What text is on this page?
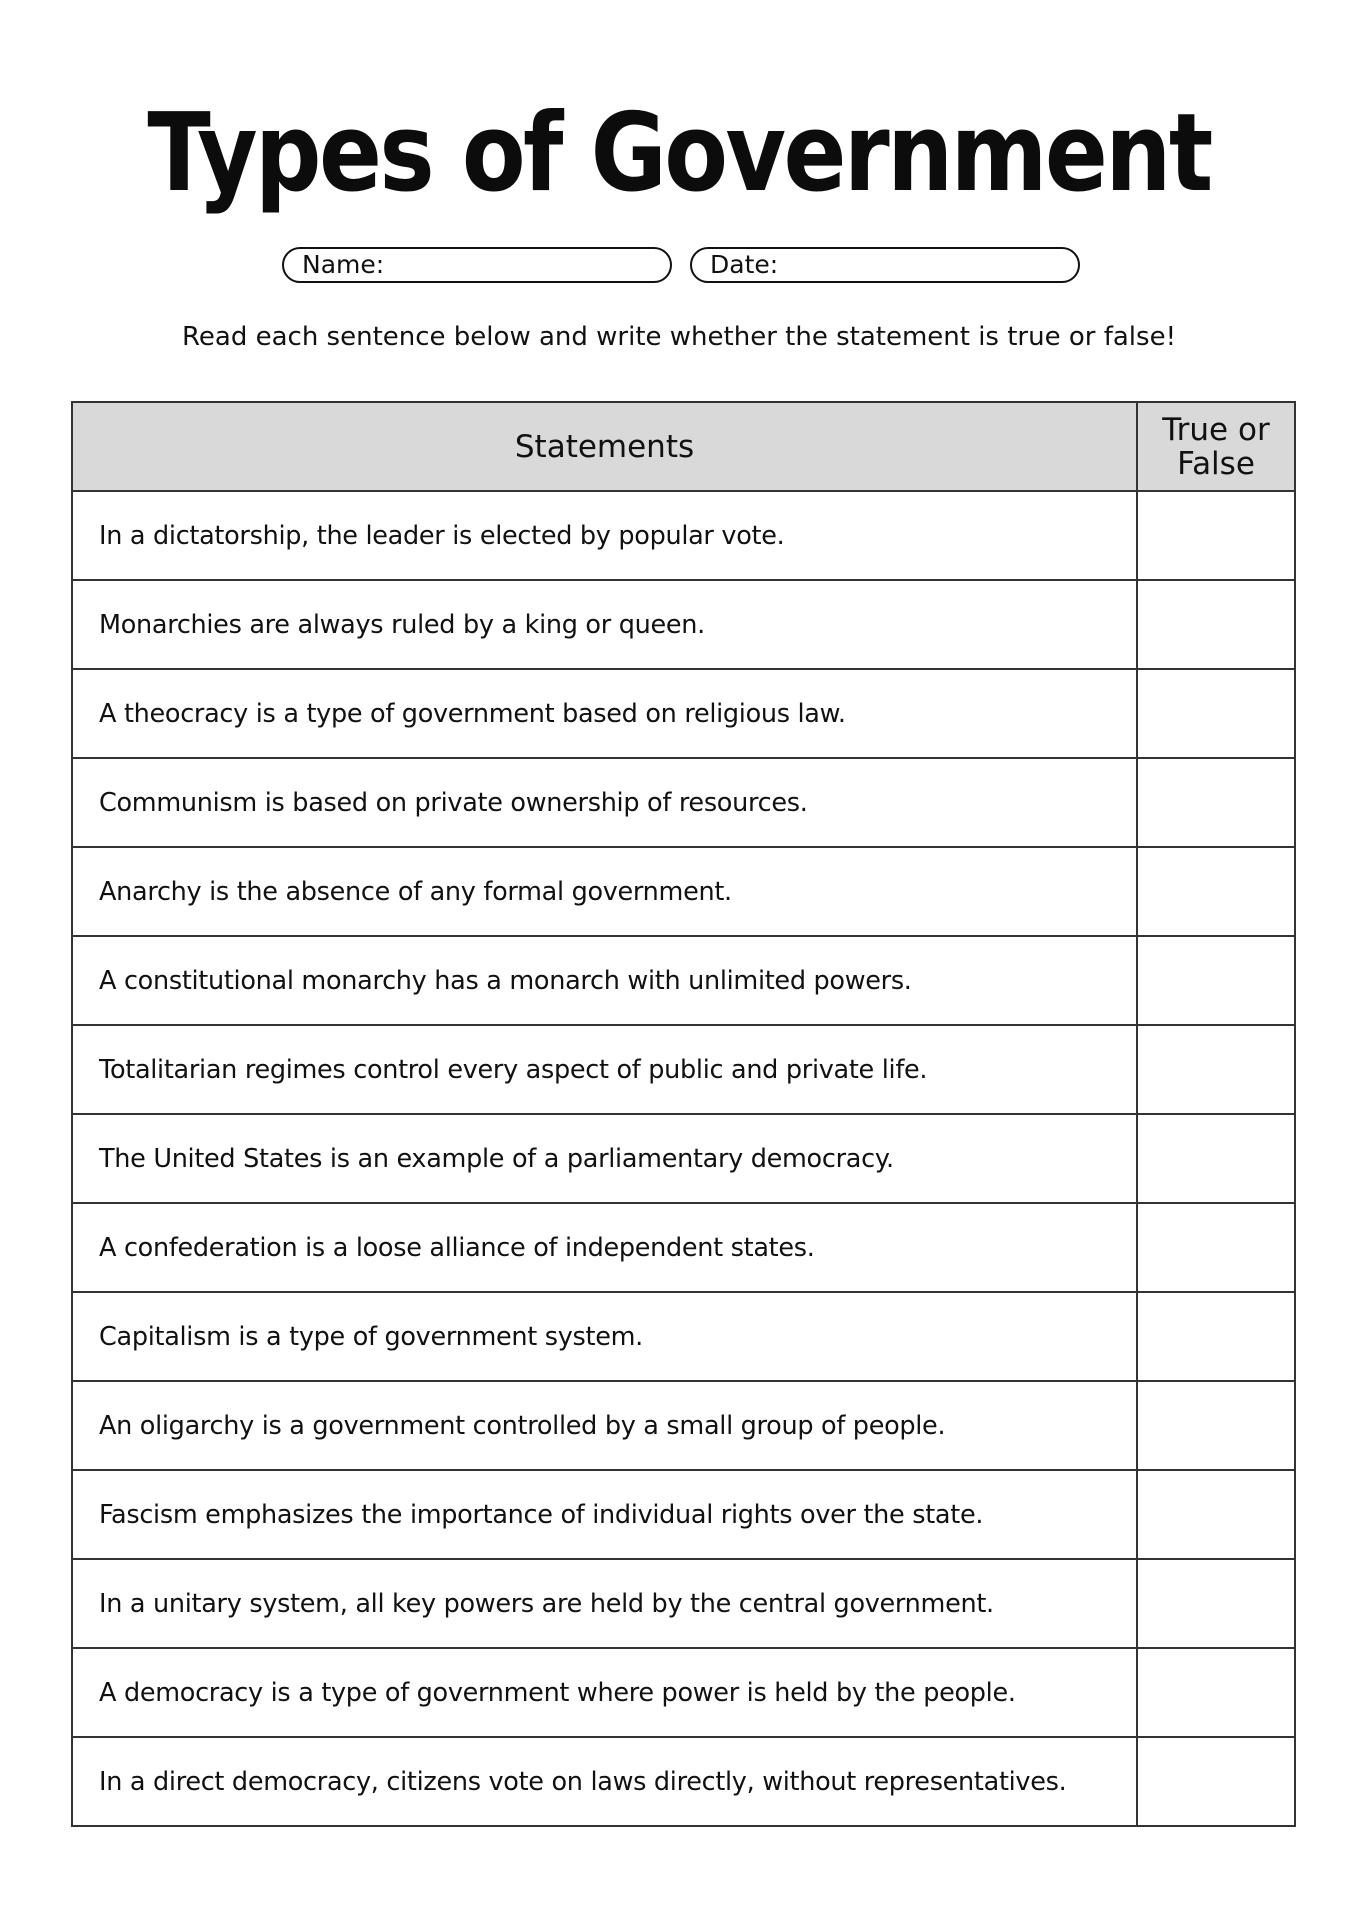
Types of Government
Name:	Date:
Read each sentence below and write whether the statement is true or false!
Statements	True or False
In a dictatorship, the leader is elected by popular vote.	
Monarchies are always ruled by a king or queen.	
A theocracy is a type of government based on religious law.	
Communism is based on private ownership of resources.	
Anarchy is the absence of any formal government.	
A constitutional monarchy has a monarch with unlimited powers.	
Totalitarian regimes control every aspect of public and private life.	
The United States is an example of a parliamentary democracy.	
A confederation is a loose alliance of independent states.	
Capitalism is a type of government system.	
An oligarchy is a government controlled by a small group of people.	
Fascism emphasizes the importance of individual rights over the state.	
In a unitary system, all key powers are held by the central government.	
A democracy is a type of government where power is held by the people.	
In a direct democracy, citizens vote on laws directly, without representatives.	
